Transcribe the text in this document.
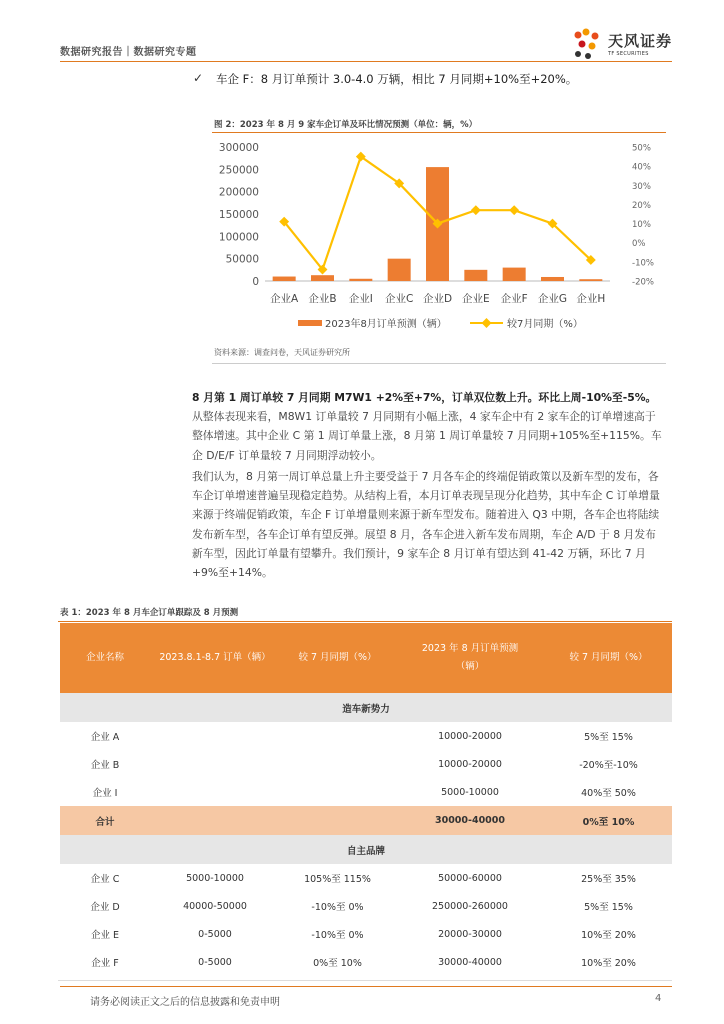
数据研究报告｜数据研究专题
天风证券
TF SECURITIES
✓ 车企 F：8 月订单预计 3.0-4.0 万辆，相比 7 月同期+10%至+20%。
图 2：2023 年 8 月 9 家车企订单及环比情况预测（单位：辆，%）
0
50000
100000
150000
200000
250000
300000
-20%
-10%
0%
10%
20%
30%
40%
50%
企业A 企业B 企业I 企业C 企业D 企业E 企业F 企业G 企业H
2023年8月订单预测（辆）	较7月同期（%）
资料来源：调查问卷，天风证券研究所
8 月第 1 周订单较 7 月同期 M7W1 +2%至+7%，订单双位数上升。环比上周-10%至-5%。从整体表现来看，M8W1 订单量较 7 月同期有小幅上涨，4 家车企中有 2 家车企的订单增速高于整体增速。其中企业 C 第 1 周订单量上涨，8 月第 1 周订单量较 7 月同期+105%至+115%。车企 D/E/F 订单量较 7 月同期浮动较小。
我们认为，8 月第一周订单总量上升主要受益于 7 月各车企的终端促销政策以及新车型的发布，各车企订单增速普遍呈现稳定趋势。从结构上看，本月订单表现呈现分化趋势，其中车企 C 订单增量来源于终端促销政策，车企 F 订单增量则来源于新车型发布。随着进入 Q3 中期，各车企也将陆续发布新车型，各车企订单有望反弹。展望 8 月，各车企进入新车发布周期，车企 A/D 于 8 月发布新车型，因此订单量有望攀升。我们预计，9 家车企 8 月订单有望达到 41-42 万辆，环比 7 月+9%至+14%。
表 1：2023 年 8 月车企订单跟踪及 8 月预测
企业名称	2023.8.1-8.7 订单（辆）	较 7 月同期（%）	2023 年 8 月订单预测（辆）	较 7 月同期（%）
造车新势力				
企业 A			10000-20000	5%至 15%
企业 B			10000-20000	-20%至-10%
企业 I			5000-10000	40%至 50%
合计			30000-40000	0%至 10%
自主品牌				
企业 C	5000-10000	105%至 115%	50000-60000	25%至 35%
企业 D	40000-50000	-10%至 0%	250000-260000	5%至 15%
企业 E	0-5000	-10%至 0%	20000-30000	10%至 20%
企业 F	0-5000	0%至 10%	30000-40000	10%至 20%
请务必阅读正文之后的信息披露和免责申明	4
